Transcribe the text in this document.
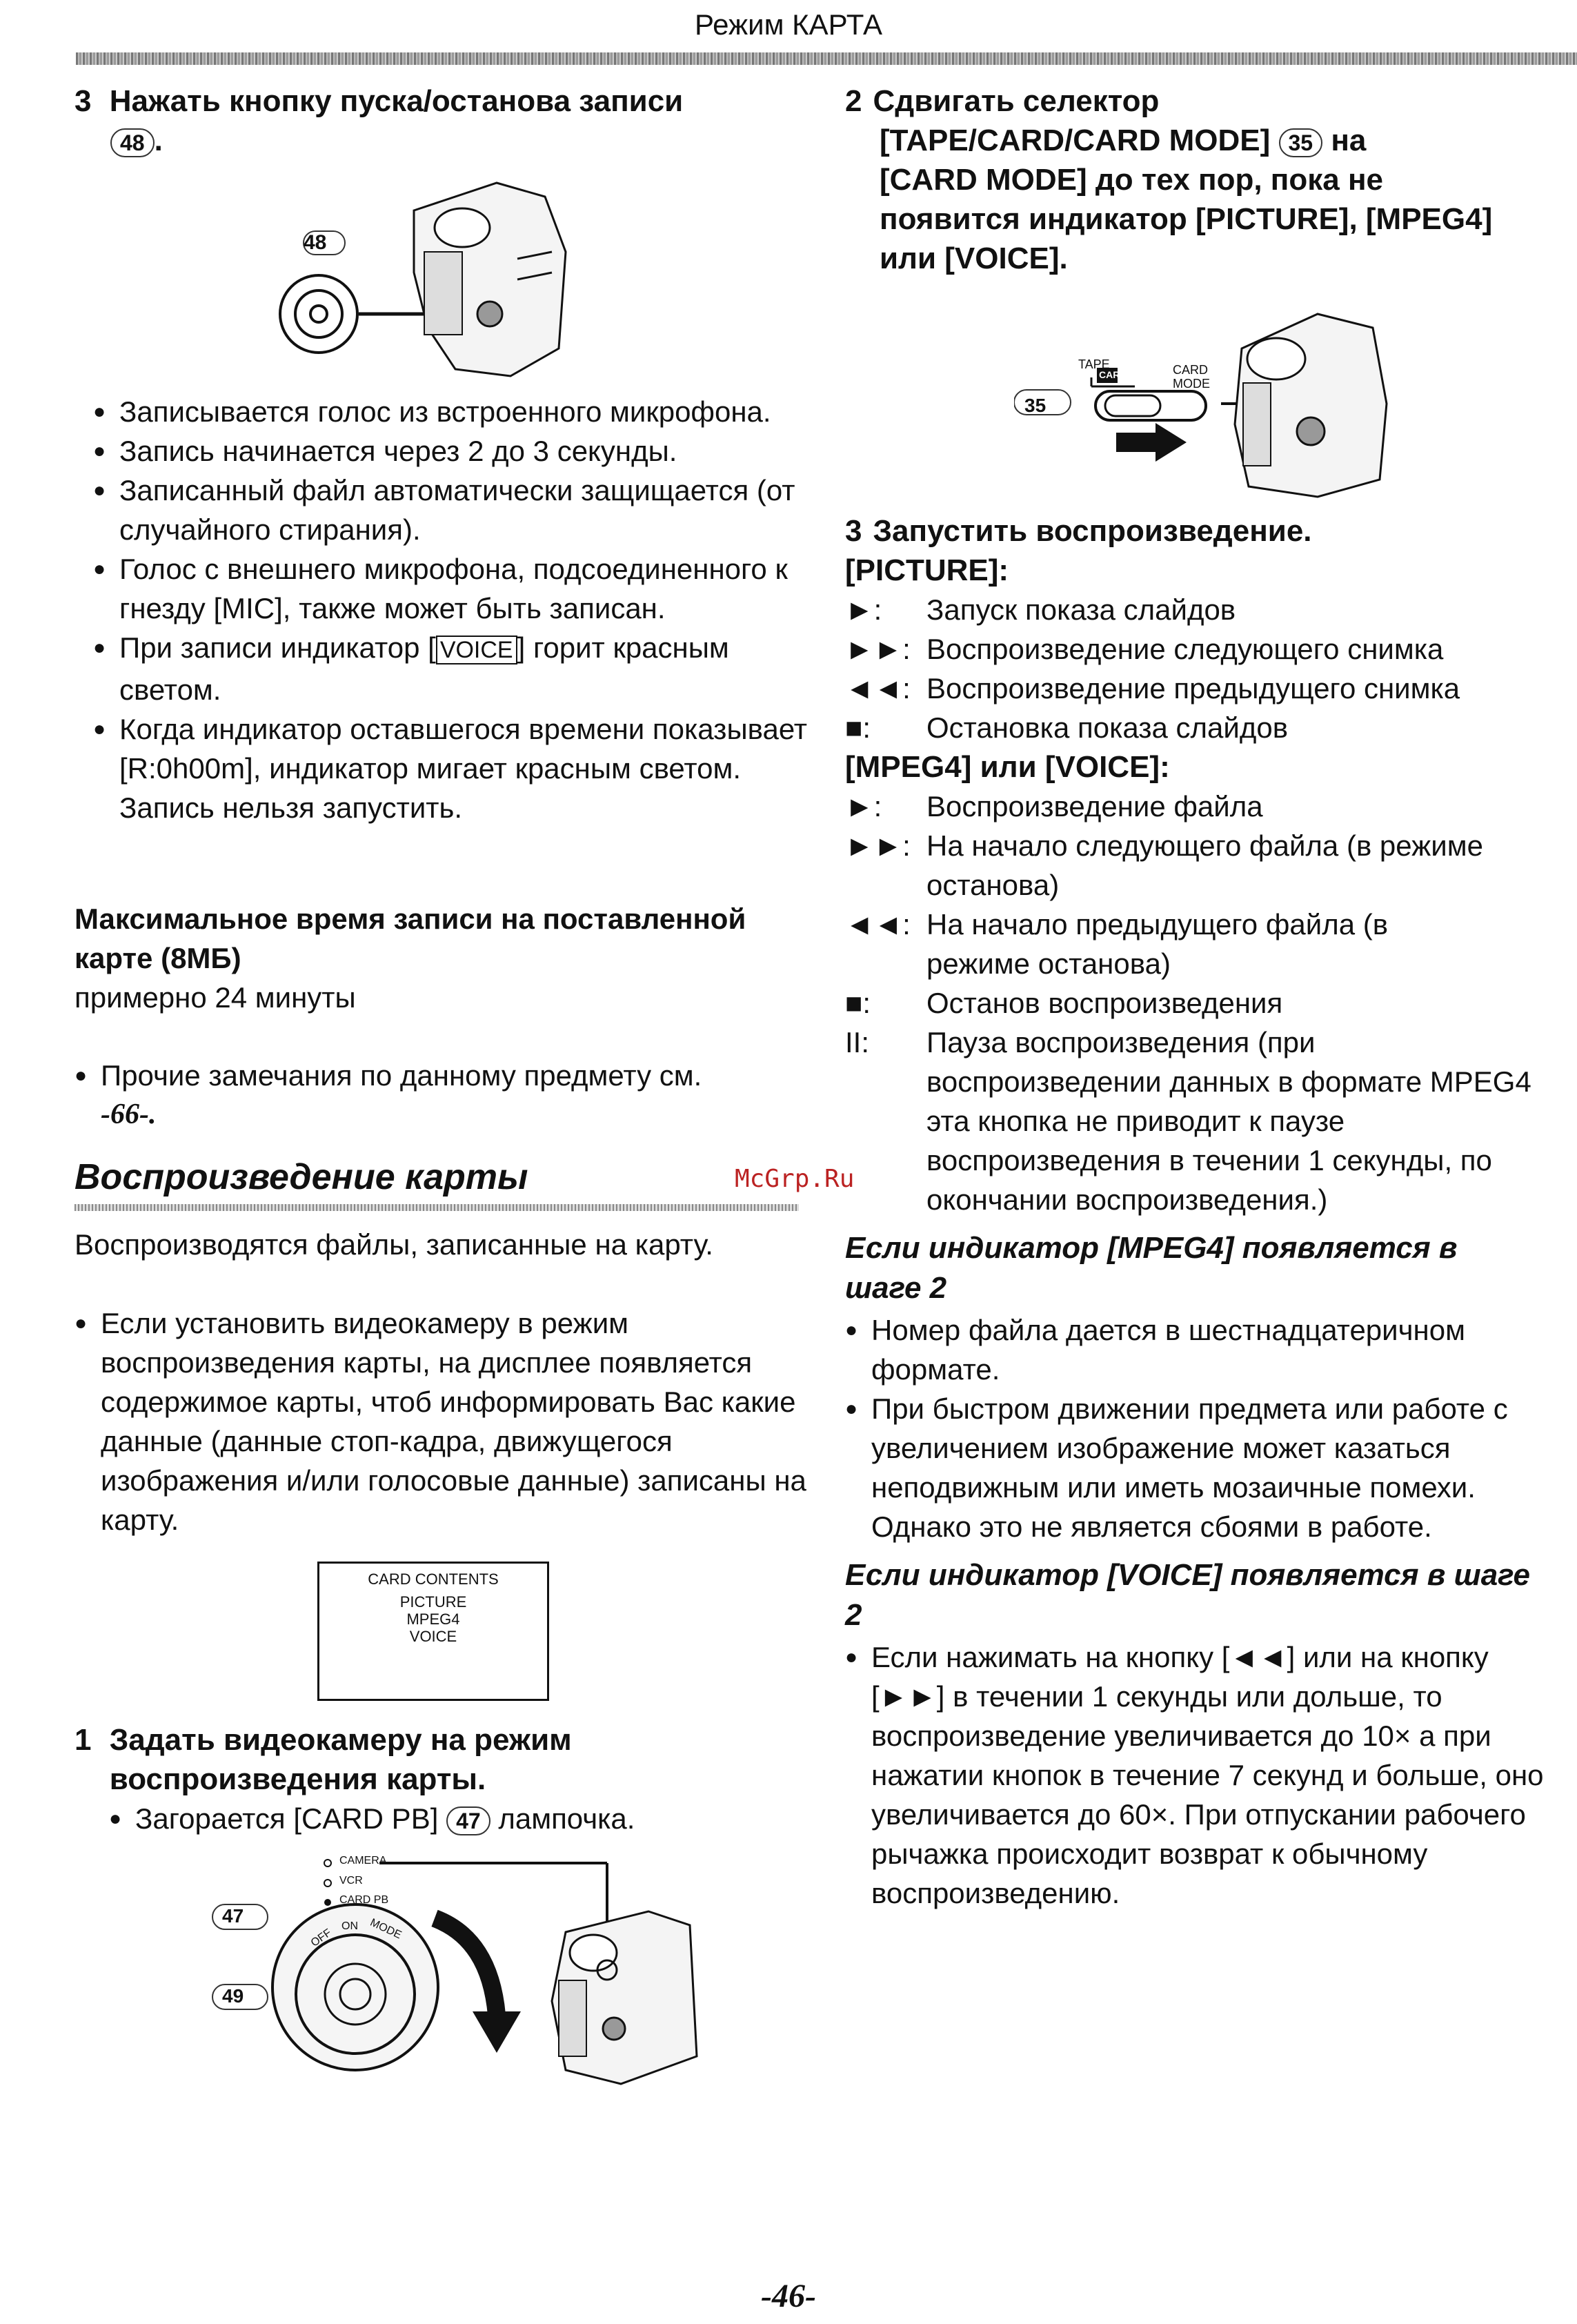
Режим КАРТА
3 Нажать кнопку пуска/останова записи
48 .
48
● Записывается голос из встроенного микрофона.
● Запись начинается через 2 до 3 секунды.
● Записанный файл автоматически защищается (от случайного стирания).
● Голос с внешнего микрофона, подсоединенного к гнезду [MIC], также может быть записан.
● При записи индикатор [ VOICE ] горит красным светом.
● Когда индикатор оставшегося времени показывает [R:0h00m], индикатор мигает красным светом. Запись нельзя запустить.
Максимальное время записи на поставленной карте (8МБ)
примерно 24 минуты
● Прочие замечания по данному предмету см.
-66-.
Воспроизведение карты	McGrp.Ru
Воспроизводятся файлы, записанные на карту.
● Если установить видеокамеру в режим воспроизведения карты, на дисплее появляется содержимое карты, чтоб информировать Вас какие данные (данные стоп-кадра, движущегося изображения и/или голосовые данные) записаны на карту.
CARD CONTENTS
PICTURE
MPEG4
VOICE
1 Задать видеокамеру на режим воспроизведения карты.
● Загорается [CARD PB] 47 лампочка.
47
49
CAMERA
VCR
CARD PB
OFF
ON MODE
2 Сдвигать селектор
[TAPE/CARD/CARD MODE] 35 на
[CARD MODE] до тех пор, пока не
появится индикатор [PICTURE], [MPEG4]
или [VOICE].
35
TAPE
CARD	CARD
MODE
3 Запустить воспроизведение.
[PICTURE]:
►:	Запуск показа слайдов
►►: Воспроизведение следующего снимка
◄◄: Воспроизведение предыдущего снимка
■:	Остановка показа слайдов
[MPEG4] или [VOICE]:
►:	Воспроизведение файла
►►: На начало следующего файла (в режиме останова)
◄◄: На начало предыдущего файла (в режиме останова)
■:	Останов воспроизведения
II:	Пауза воспроизведения (при воспроизведении данных в формате MPEG4 эта кнопка не приводит к паузе воспроизведения в течении 1 секунды, по окончании воспроизведения.)
Если индикатор [MPEG4] появляется в шаге 2
● Номер файла дается в шестнадцатеричном формате.
● При быстром движении предмета или работе с увеличением изображение может казаться неподвижным или иметь мозаичные помехи. Однако это не является сбоями в работе.
Если индикатор [VOICE] появляется в шаге 2
● Если нажимать на кнопку [◄◄] или на кнопку [►►] в течении 1 секунды или дольше, то воспроизведение увеличивается до 10× а при нажатии кнопок в течение 7 секунд и больше, оно увеличивается до 60×. При отпускании рабочего рычажка происходит возврат к обычному воспроизведению.
-46-
